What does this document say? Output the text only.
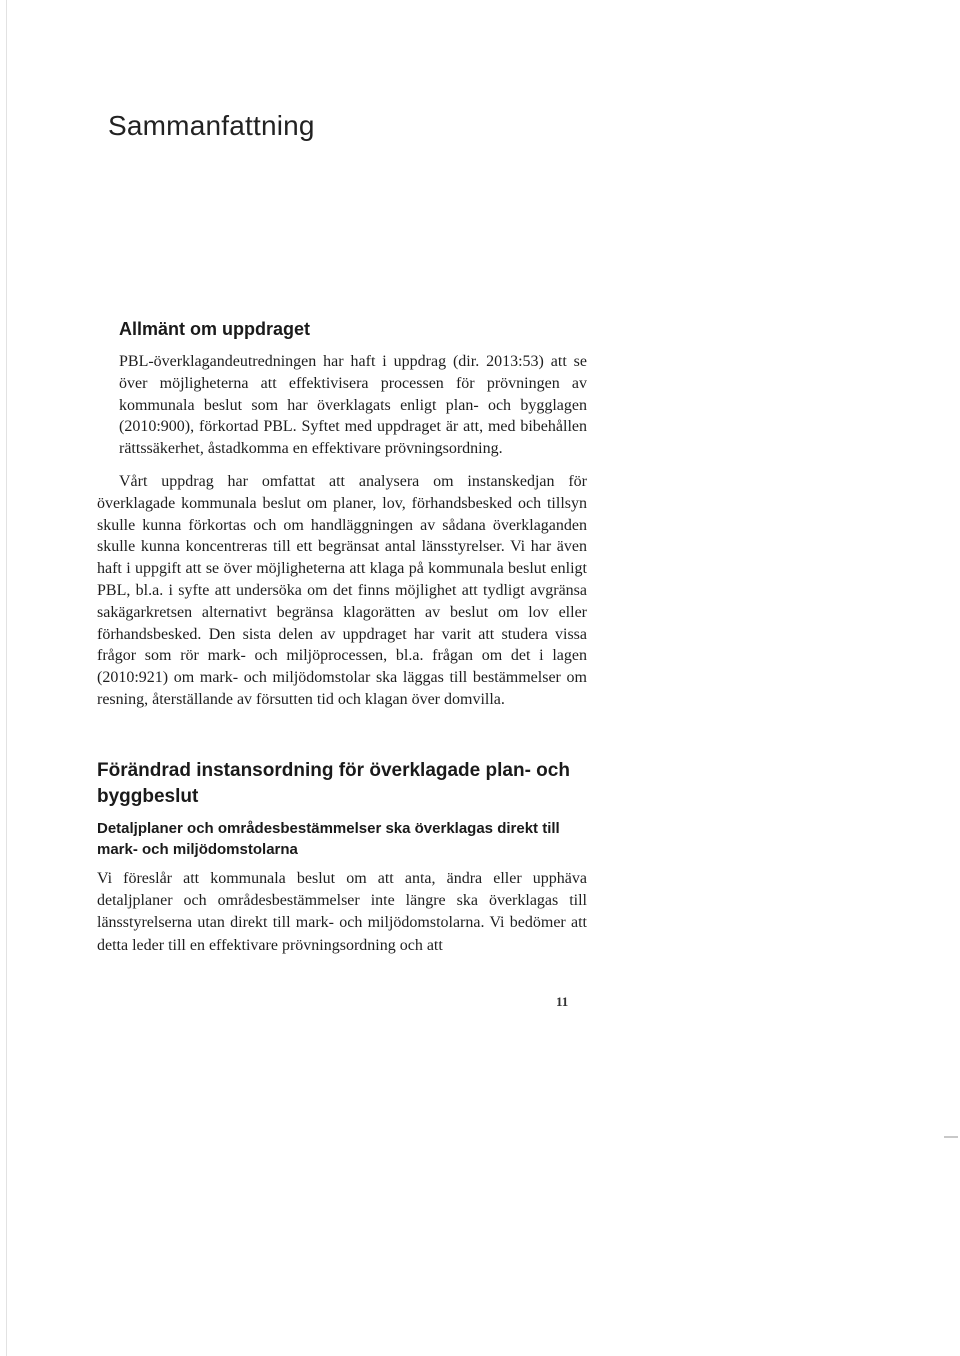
Sammanfattning
Allmänt om uppdraget

PBL-överklagandeutredningen har haft i uppdrag (dir. 2013:53) att se över möjligheterna att effektivisera processen för prövningen av kommunala beslut som har överklagats enligt plan- och bygglagen (2010:900), förkortad PBL. Syftet med uppdraget är att, med bibehållen rättssäkerhet, åstadkomma en effektivare prövningsordning.

Vårt uppdrag har omfattat att analysera om instanskedjan för överklagade kommunala beslut om planer, lov, förhandsbesked och tillsyn skulle kunna förkortas och om handläggningen av sådana överklaganden skulle kunna koncentreras till ett begränsat antal länsstyrelser. Vi har även haft i uppgift att se över möjligheterna att klaga på kommunala beslut enligt PBL, bl.a. i syfte att undersöka om det finns möjlighet att tydligt avgränsa sakägarkretsen alternativt begränsa klagorätten av beslut om lov eller förhandsbesked. Den sista delen av uppdraget har varit att studera vissa frågor som rör mark- och miljöprocessen, bl.a. frågan om det i lagen (2010:921) om mark- och miljödomstolar ska läggas till bestämmelser om resning, återställande av försutten tid och klagan över domvilla.

Förändrad instansordning för överklagade plan- och byggbeslut
Detaljplaner och områdesbestämmelser ska överklagas direkt till mark- och miljödomstolarna

Vi föreslår att kommunala beslut om att anta, ändra eller upphäva detaljplaner och områdesbestämmelser inte längre ska överklagas till länsstyrelserna utan direkt till mark- och miljödomstolarna. Vi bedömer att detta leder till en effektivare prövningsordning och att

11
